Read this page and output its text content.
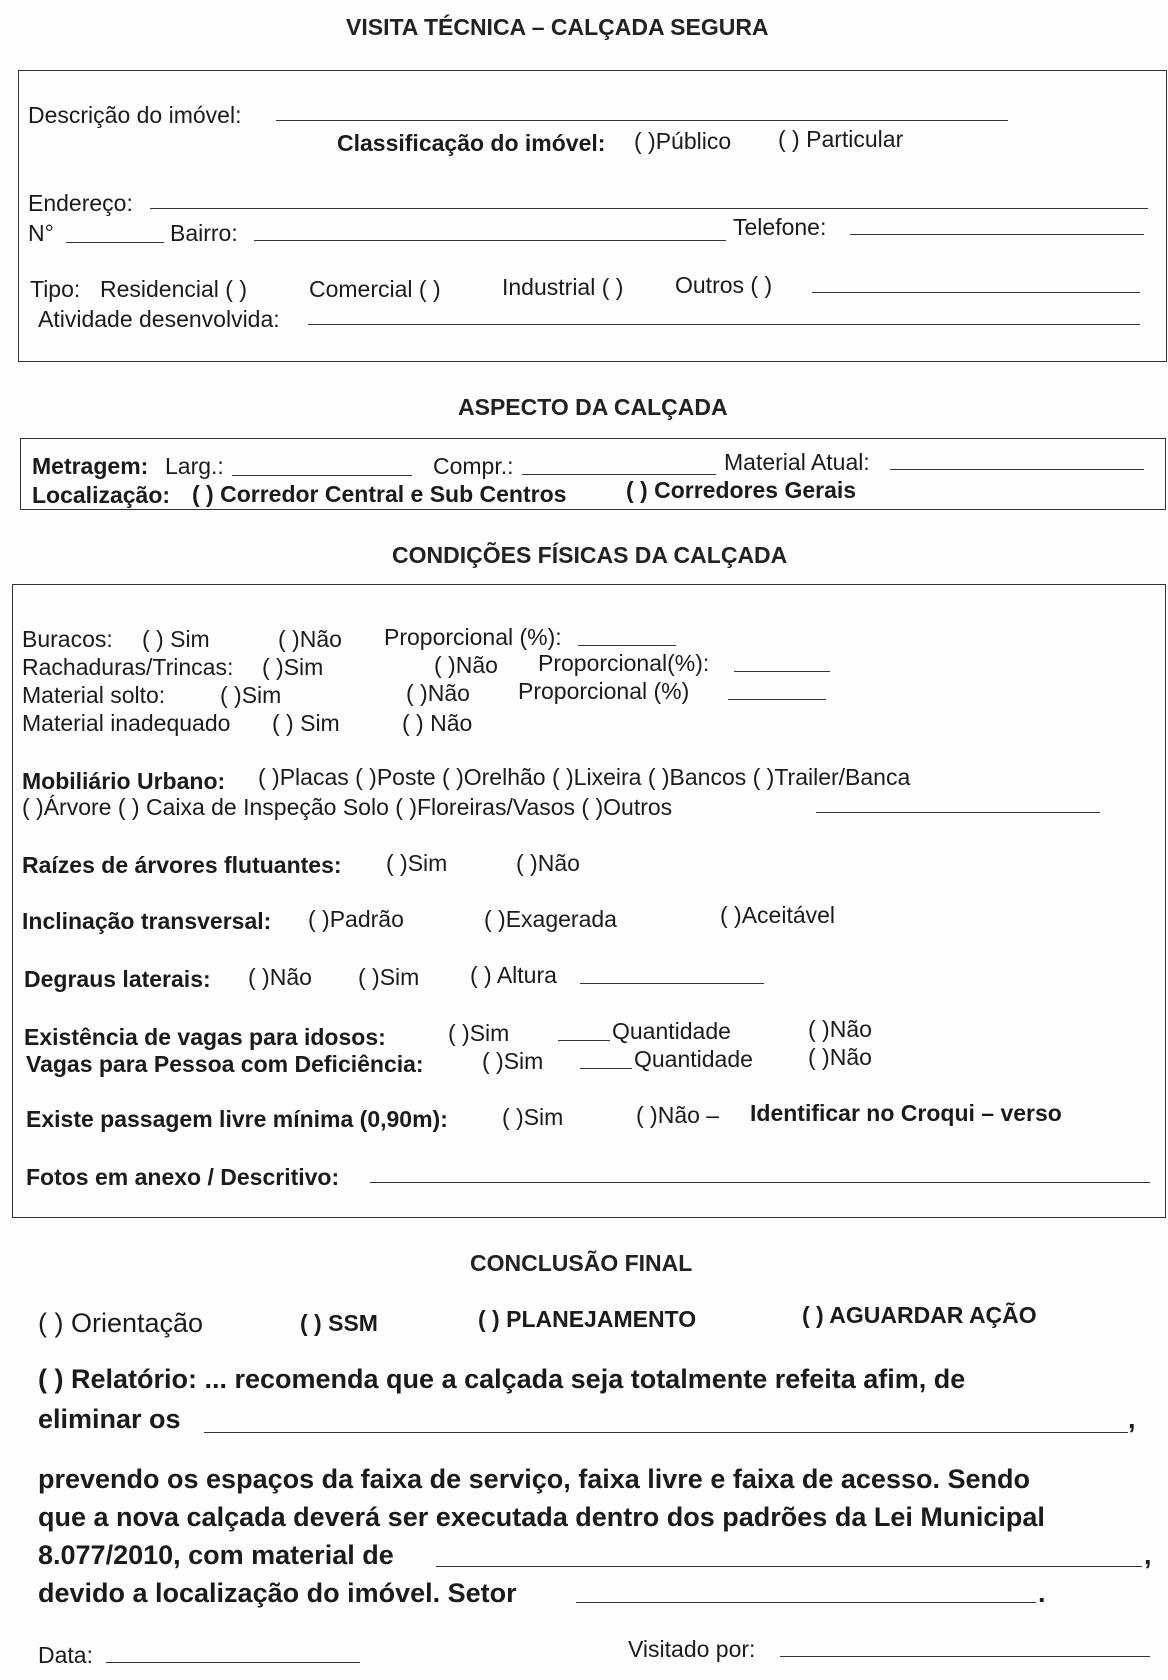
VISITA TÉCNICA – CALÇADA SEGURA
Descrição do imóvel:
Classificação do imóvel: ( )Público ( ) Particular
Endereço:
N°	Bairro:	Telefone:
Tipo: Residencial ( )	Comercial ( )	Industrial ( ) Outros ( )
Atividade desenvolvida:
ASPECTO DA CALÇADA
Metragem: Larg.:	Compr.:	Material Atual:
Localização: ( ) Corredor Central e Sub Centros	( ) Corredores Gerais
CONDIÇÕES FÍSICAS DA CALÇADA
Buracos: ( ) Sim	( )Não Proporcional (%):
Rachaduras/Trincas: ( )Sim	( )Não Proporcional(%):
Material solto: ( )Sim	( )Não Proporcional (%)
Material inadequado ( ) Sim	( ) Não
Mobiliário Urbano: ( )Placas ( )Poste ( )Orelhão ( )Lixeira ( )Bancos ( )Trailer/Banca
( )Árvore ( ) Caixa de Inspeção Solo ( )Floreiras/Vasos ( )Outros
Raízes de árvores flutuantes: ( )Sim	( )Não
Inclinação transversal: ( )Padrão	( )Exagerada	( )Aceitável
Degraus laterais: ( )Não ( )Sim ( ) Altura
Existência de vagas para idosos:	( )Sim	Quantidade	( )Não
Vagas para Pessoa com Deficiência:	( )Sim	Quantidade ( )Não
Existe passagem livre mínima (0,90m): ( )Sim	( )Não – Identificar no Croqui – verso
Fotos em anexo / Descritivo:
CONCLUSÃO FINAL
( ) Orientação	( ) SSM	( ) PLANEJAMENTO	( ) AGUARDAR AÇÃO
( ) Relatório: ... recomenda que a calçada seja totalmente refeita afim, de
eliminar os	,
prevendo os espaços da faixa de serviço, faixa livre e faixa de acesso. Sendo
que a nova calçada deverá ser executada dentro dos padrões da Lei Municipal
8.077/2010, com material de	,
devido a localização do imóvel. Setor	.
Data:	Visitado por:
